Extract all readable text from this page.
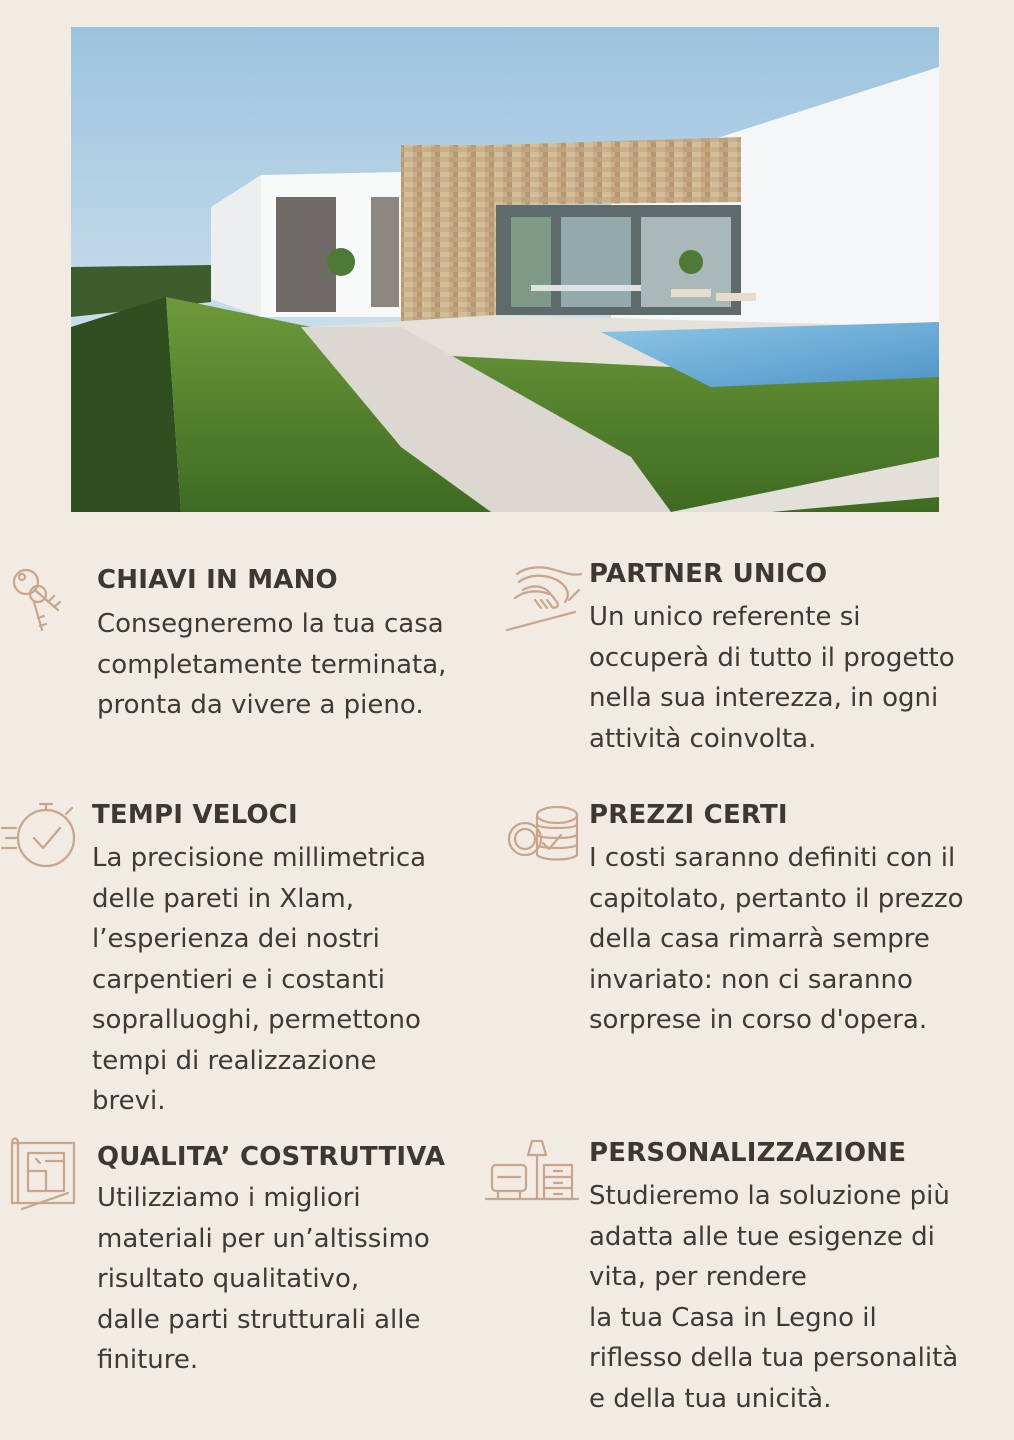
CHIAVI IN MANO
Consegneremo la tua casa
completamente terminata,
pronta da vivere a pieno.
PARTNER UNICO
Un unico referente si
occuperà di tutto il progetto
nella sua interezza, in ogni
attività coinvolta.
TEMPI VELOCI
La precisione millimetrica
delle pareti in Xlam,
l’esperienza dei nostri
carpentieri e i costanti
sopralluoghi, permettono
tempi di realizzazione
brevi.
PREZZI CERTI
I costi saranno definiti con il
capitolato, pertanto il prezzo
della casa rimarrà sempre
invariato: non ci saranno
sorprese in corso d'opera.
QUALITA’ COSTRUTTIVA
Utilizziamo i migliori
materiali per un’altissimo
risultato qualitativo,
dalle parti strutturali alle
finiture.
PERSONALIZZAZIONE
Studieremo la soluzione più
adatta alle tue esigenze di
vita, per rendere
la tua Casa in Legno il
riflesso della tua personalità
e della tua unicità.
